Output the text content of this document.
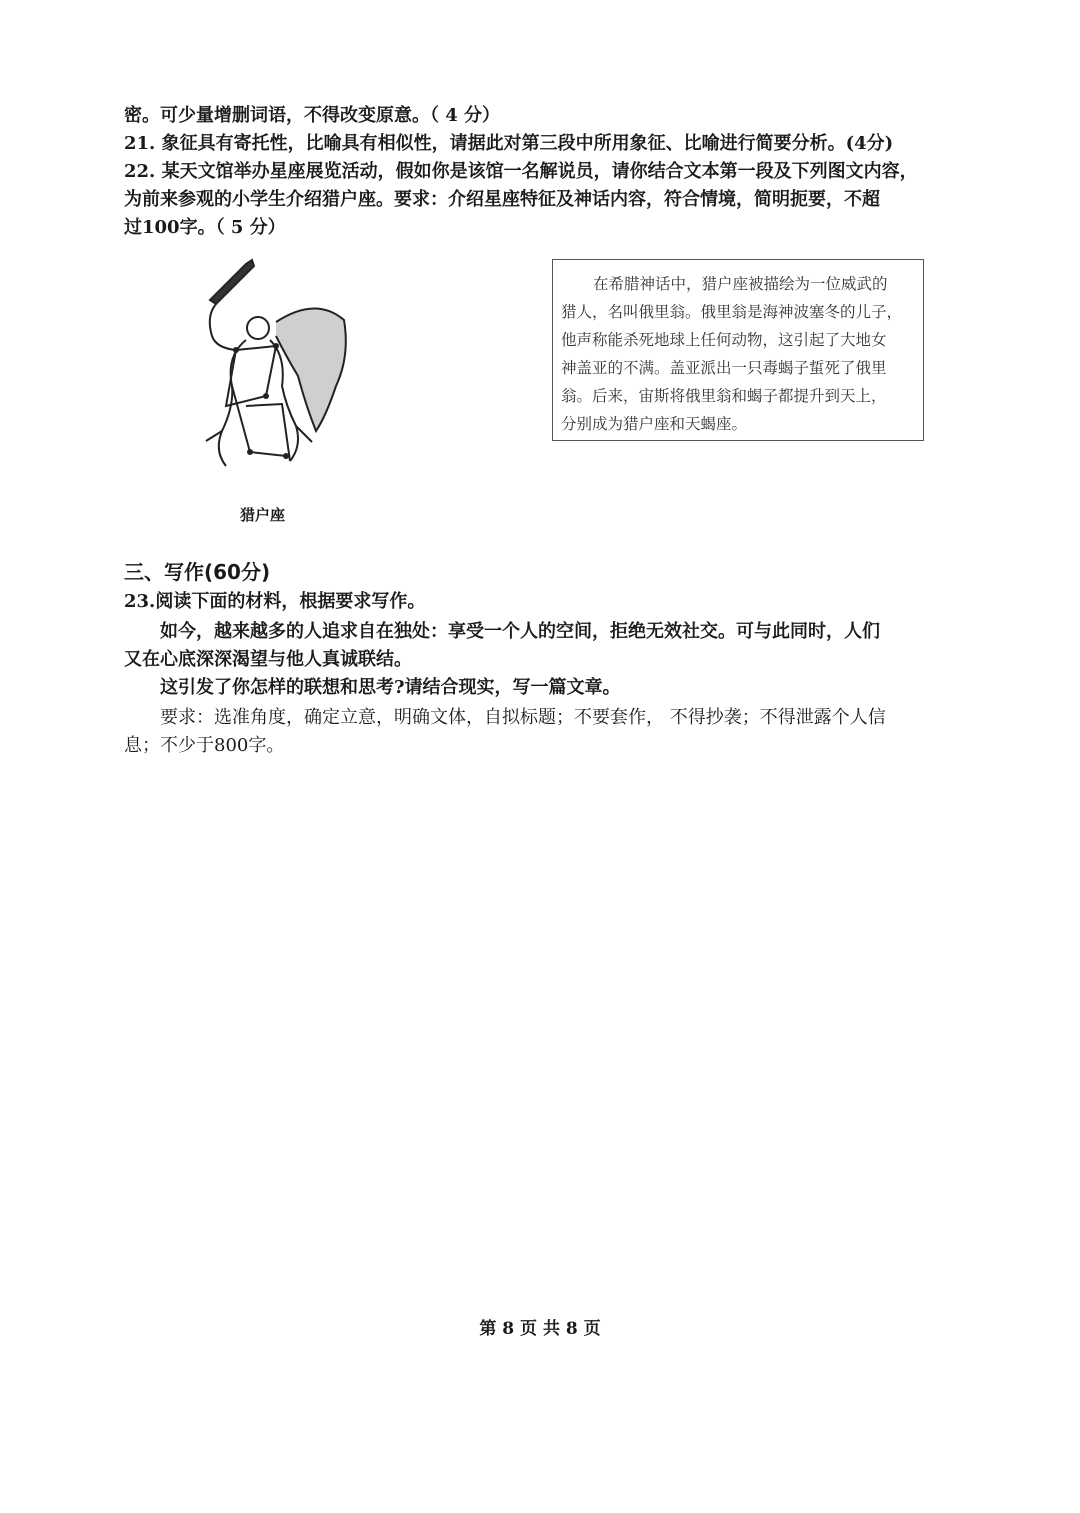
密。可少量增删词语，不得改变原意。（ 4 分）
21. 象征具有寄托性，比喻具有相似性，请据此对第三段中所用象征、比喻进行简要分析。(4分)
22. 某天文馆举办星座展览活动，假如你是该馆一名解说员，请你结合文本第一段及下列图文内容，
为前来参观的小学生介绍猎户座。要求：介绍星座特征及神话内容，符合情境，简明扼要，不超
过100字。（ 5 分）
猎户座
在希腊神话中，猎户座被描绘为一位威武的
猎人，名叫俄里翁。俄里翁是海神波塞冬的儿子，
他声称能杀死地球上任何动物，这引起了大地女
神盖亚的不满。盖亚派出一只毒蝎子蜇死了俄里
翁。后来，宙斯将俄里翁和蝎子都提升到天上，
分别成为猎户座和天蝎座。
三、写作(60分)
23.阅读下面的材料，根据要求写作。
如今，越来越多的人追求自在独处：享受一个人的空间，拒绝无效社交。可与此同时，人们
又在心底深深渴望与他人真诚联结。
这引发了你怎样的联想和思考?请结合现实，写一篇文章。
要求：选准角度，确定立意，明确文体，自拟标题；不要套作， 不得抄袭；不得泄露个人信
息；不少于800字。
第 8 页 共 8 页
